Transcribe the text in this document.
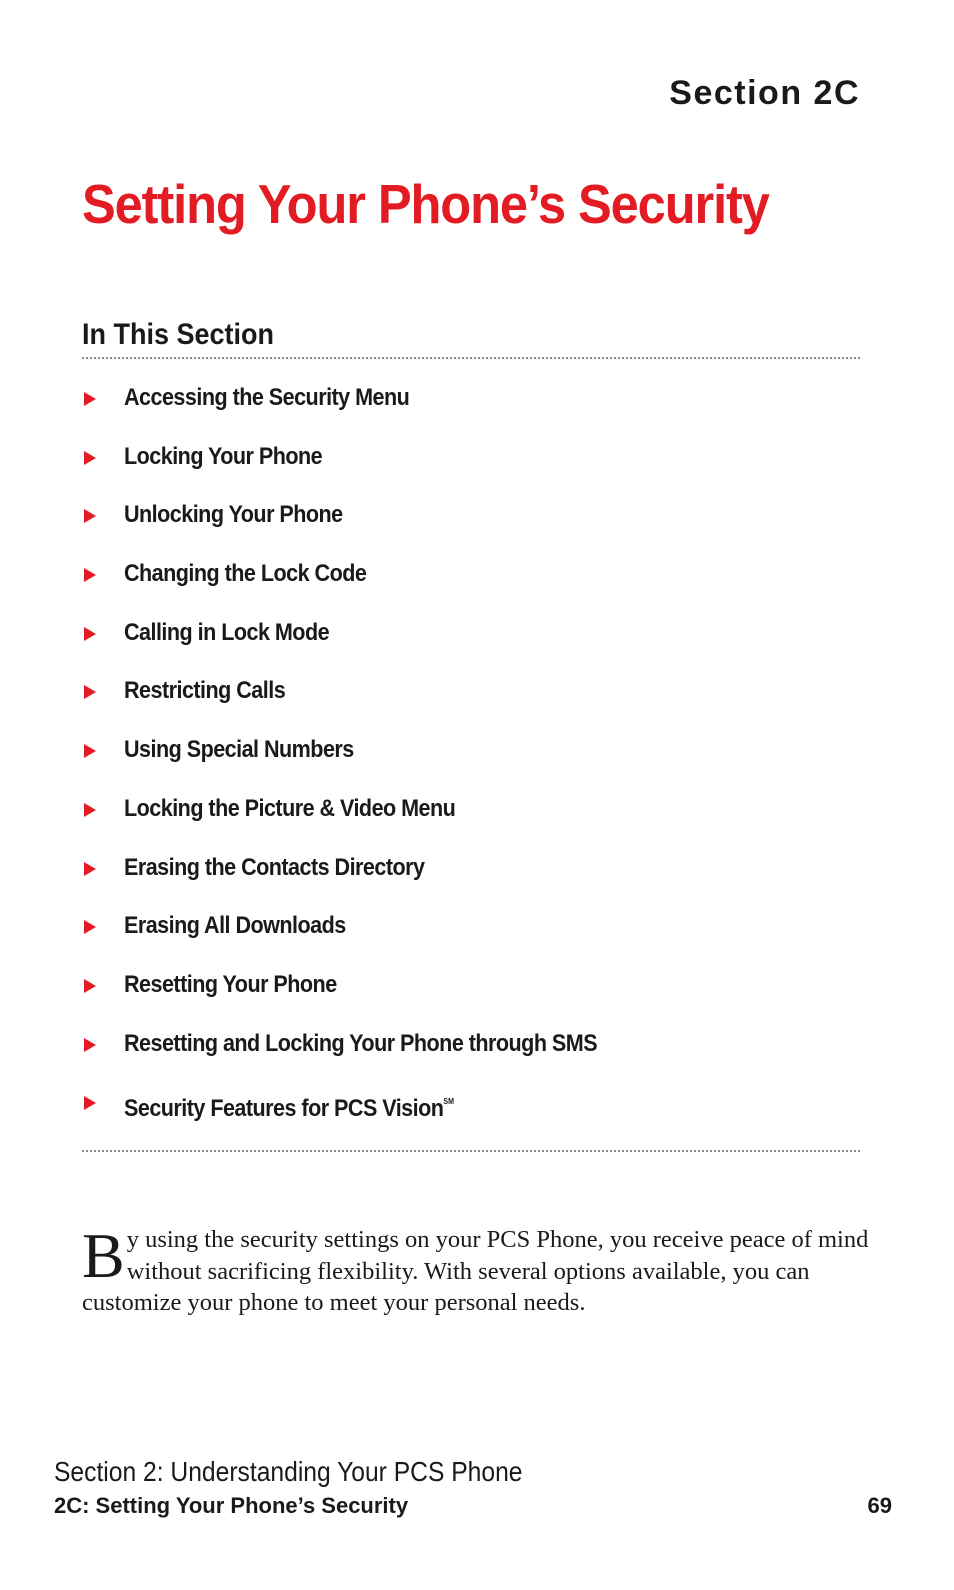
Section 2C
Setting Your Phone’s Security
In This Section
Accessing the Security Menu
Locking Your Phone
Unlocking Your Phone
Changing the Lock Code
Calling in Lock Mode
Restricting Calls
Using Special Numbers
Locking the Picture & Video Menu
Erasing the Contacts Directory
Erasing All Downloads
Resetting Your Phone
Resetting and Locking Your Phone through SMS
Security Features for PCS Vision℠

By using the security settings on your PCS Phone, you receive peace of mind without sacrificing flexibility. With several options available, you can customize your phone to meet your personal needs.

Section 2: Understanding Your PCS Phone
2C: Setting Your Phone’s Security	69
